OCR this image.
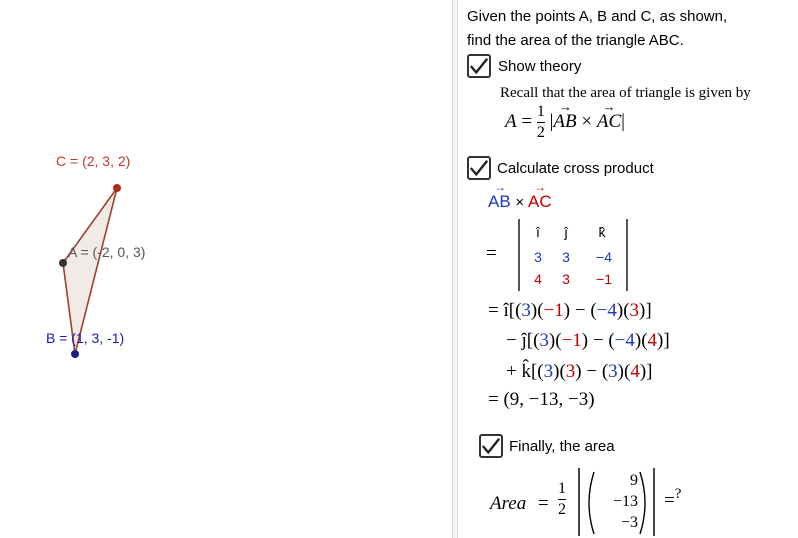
C = (2, 3, 2)
A = (-2, 0, 3)
B = (1, 3, -1)
Given the points A, B and C, as shown,
find the area of the triangle ABC.
Show theory
Recall that the area of triangle is given by
$A = \frac{1}{2} |AB$
→
× AC
→
|
Calculate cross product
AB
→
× AC
→
=
î	ĵ	k̂
3	3	−4
4	3	−1
= î[(3)(−1) − (−4)(3)]
− ĵ[(3)(−1) − (−4)(4)]
+ k̂[(3)(3) − (3)(4)]
= (9, −13, −3)
Finally, the area
Area = $\frac{1}{2}$
9
−13
−3
=?
